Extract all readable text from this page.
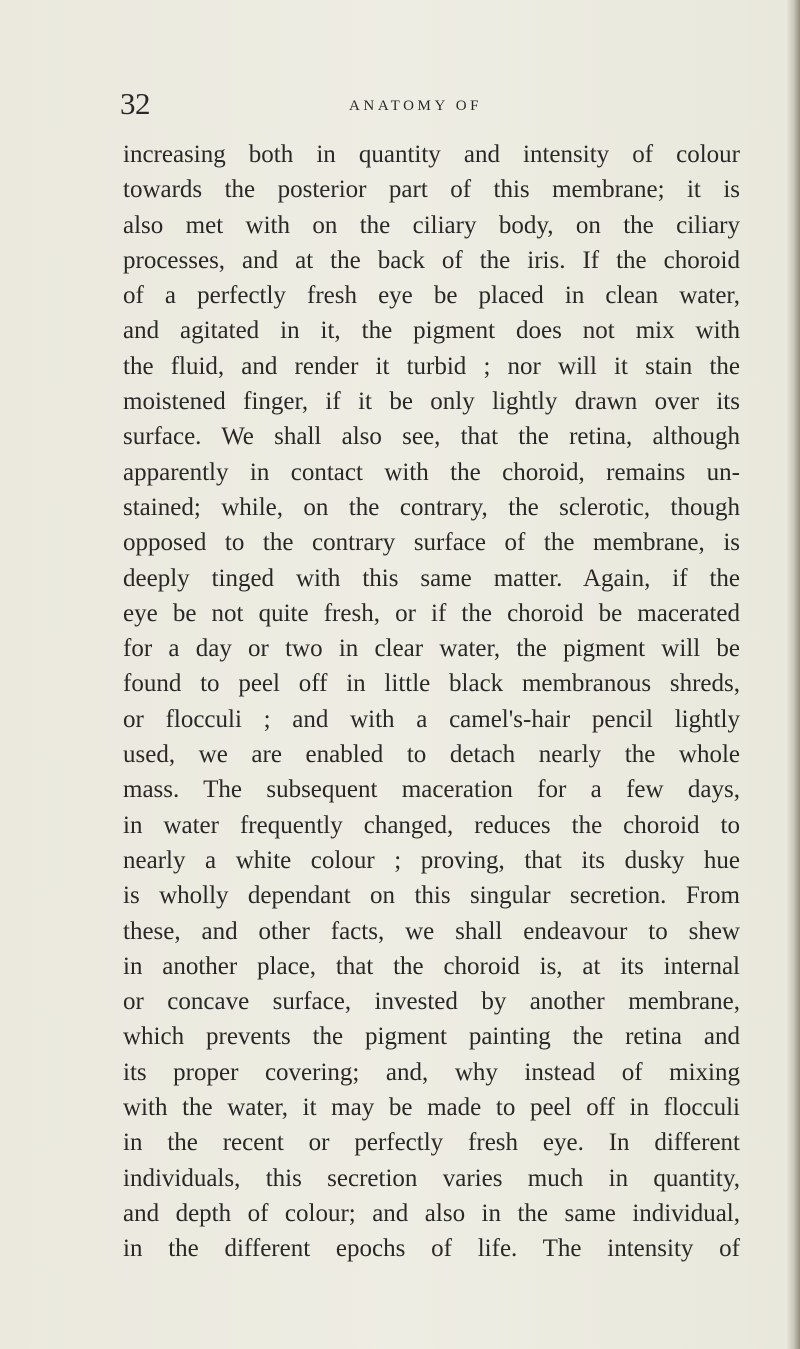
32	ANATOMY OF
increasing both in quantity and intensity of colour
towards the posterior part of this membrane; it is
also met with on the ciliary body, on the ciliary
processes, and at the back of the iris. If the choroid
of a perfectly fresh eye be placed in clean water,
and agitated in it, the pigment does not mix with
the fluid, and render it turbid ; nor will it stain the
moistened finger, if it be only lightly drawn over its
surface. We shall also see, that the retina, although
apparently in contact with the choroid, remains un-
stained; while, on the contrary, the sclerotic, though
opposed to the contrary surface of the membrane, is
deeply tinged with this same matter. Again, if the
eye be not quite fresh, or if the choroid be macerated
for a day or two in clear water, the pigment will be
found to peel off in little black membranous shreds,
or flocculi ; and with a camel's-hair pencil lightly
used, we are enabled to detach nearly the whole
mass. The subsequent maceration for a few days,
in water frequently changed, reduces the choroid to
nearly a white colour ; proving, that its dusky hue
is wholly dependant on this singular secretion. From
these, and other facts, we shall endeavour to shew
in another place, that the choroid is, at its internal
or concave surface, invested by another membrane,
which prevents the pigment painting the retina and
its proper covering; and, why instead of mixing
with the water, it may be made to peel off in flocculi
in the recent or perfectly fresh eye. In different
individuals, this secretion varies much in quantity,
and depth of colour; and also in the same individual,
in the different epochs of life. The intensity of
